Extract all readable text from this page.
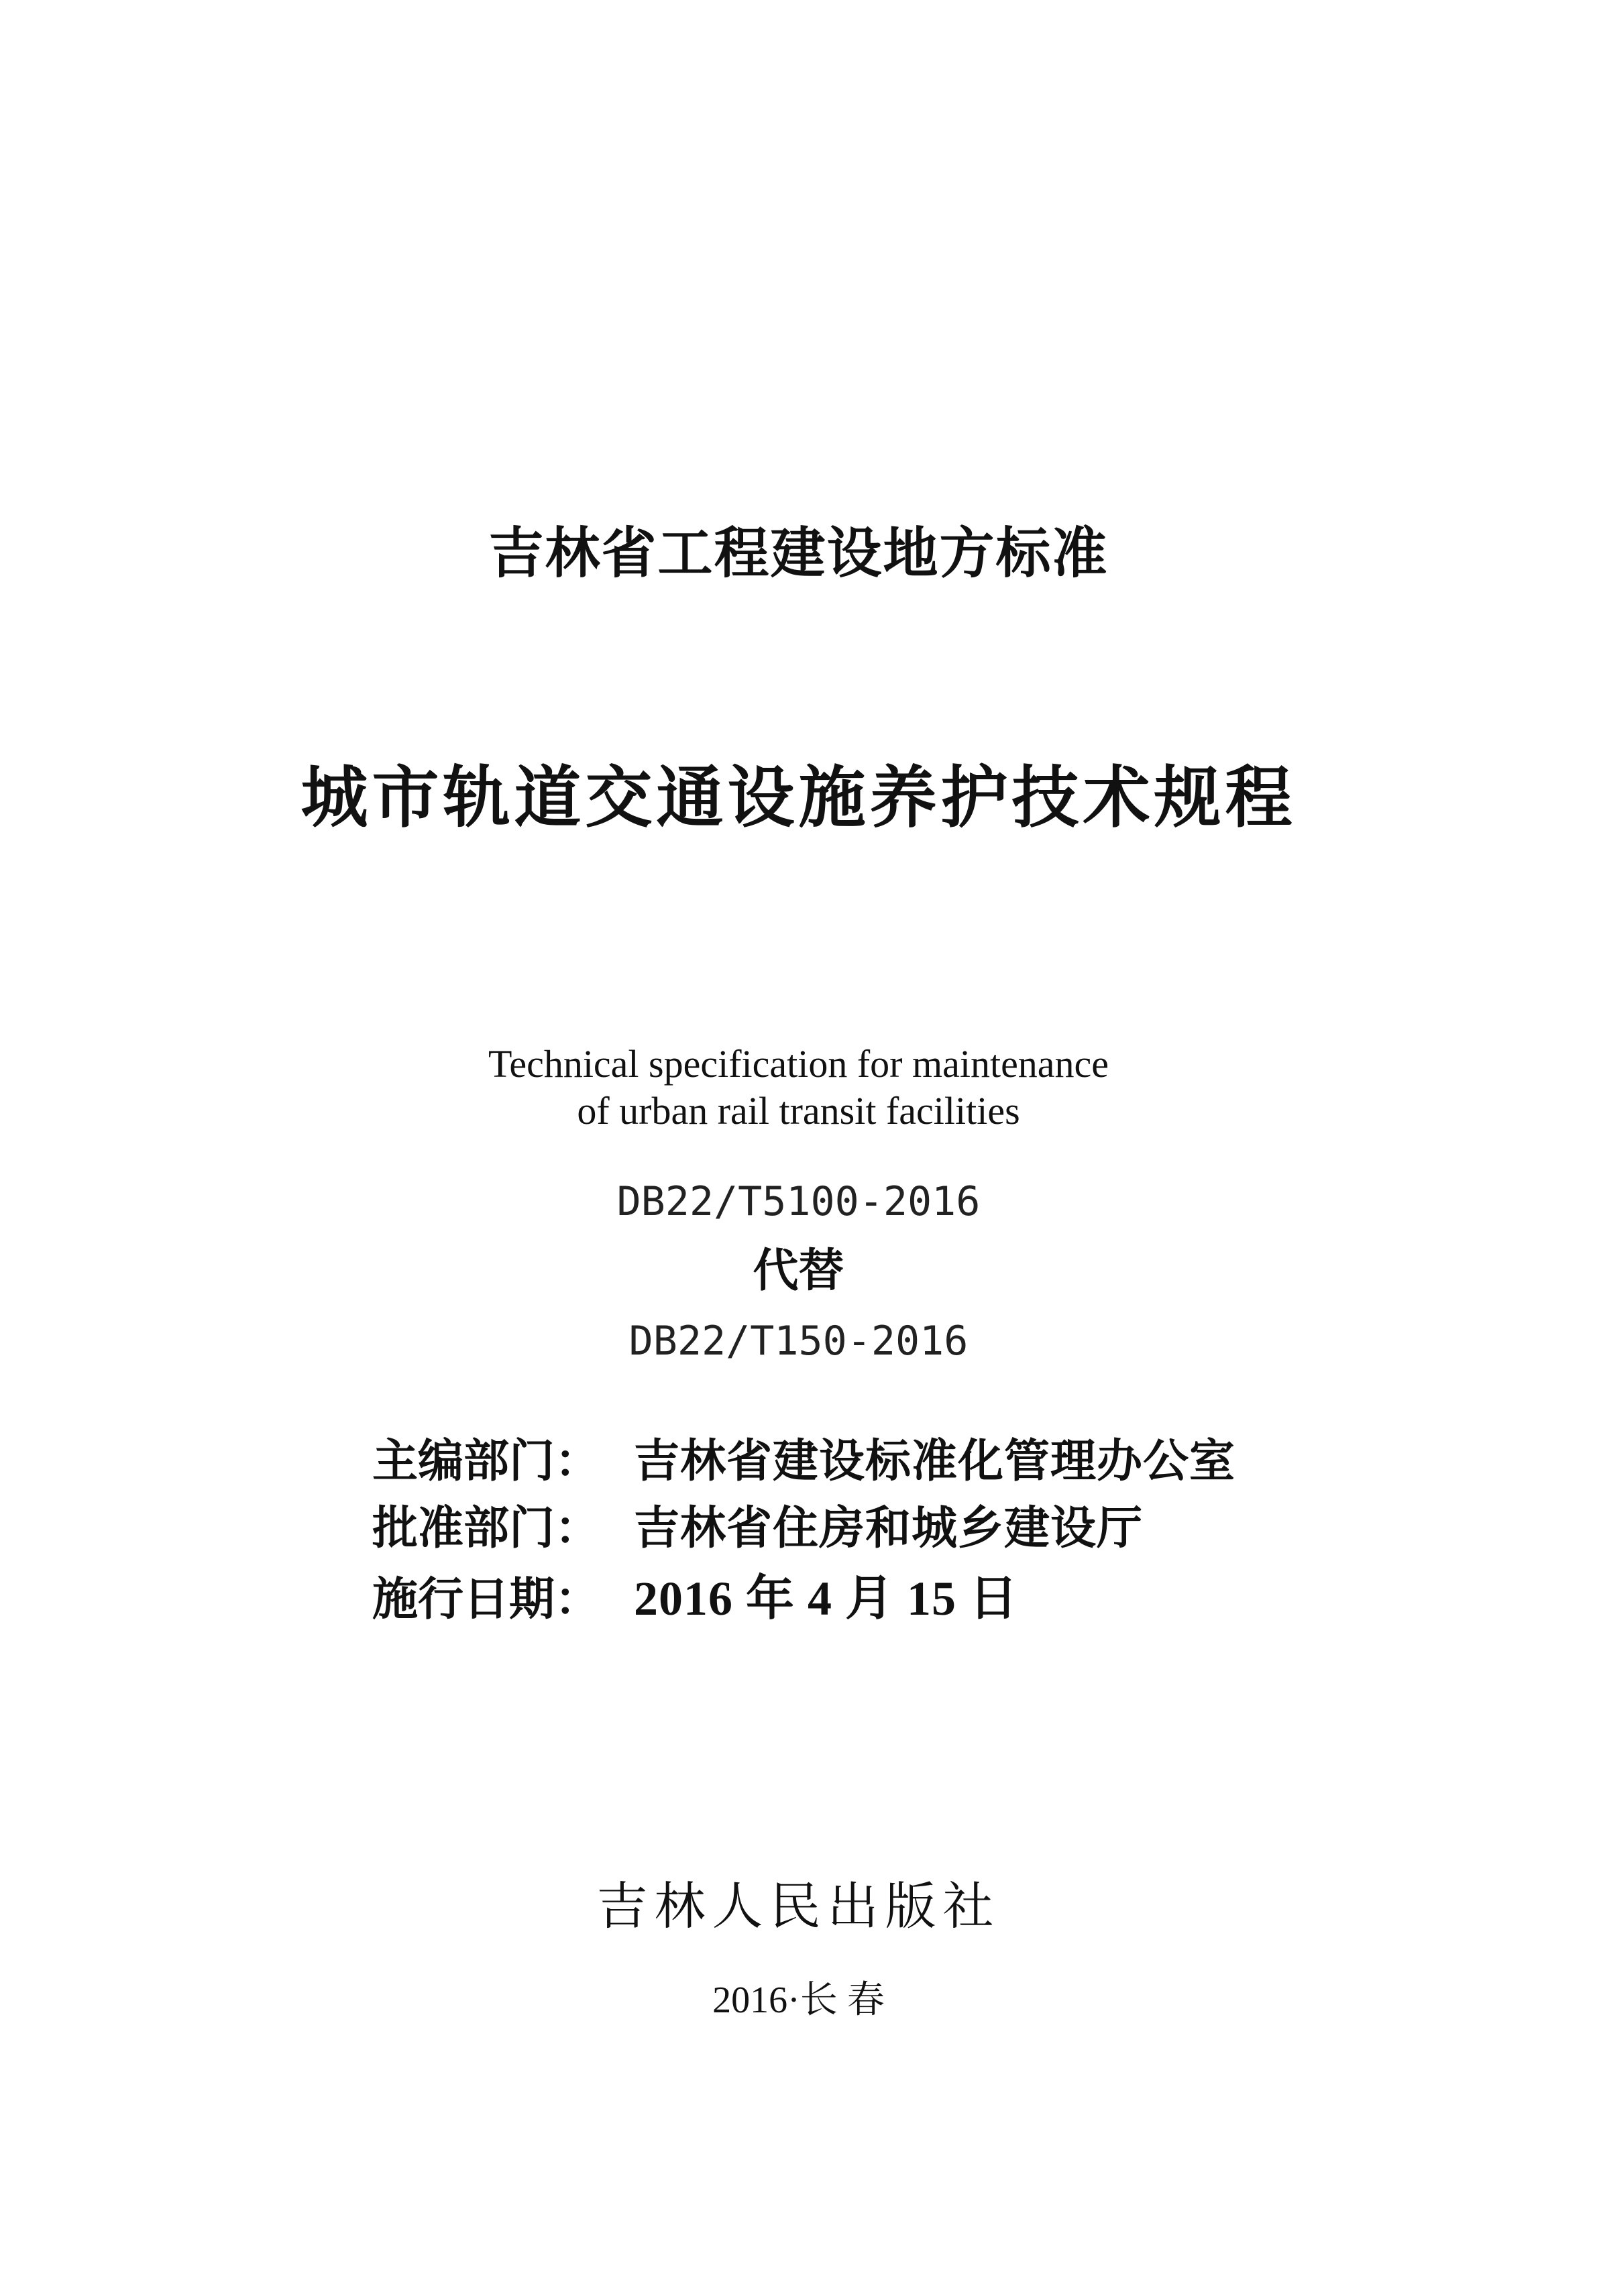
吉林省工程建设地方标准
城市轨道交通设施养护技术规程

Technical specification for maintenance

of urban rail transit facilities

DB22/T5100-2016

代替

DB22/T150-2016

主编部门： 吉林省建设标准化管理办公室
批准部门： 吉林省住房和城乡建设厅
施行日期： 2016 年 4 月 15 日

吉林人民出版社

2016·长 春
